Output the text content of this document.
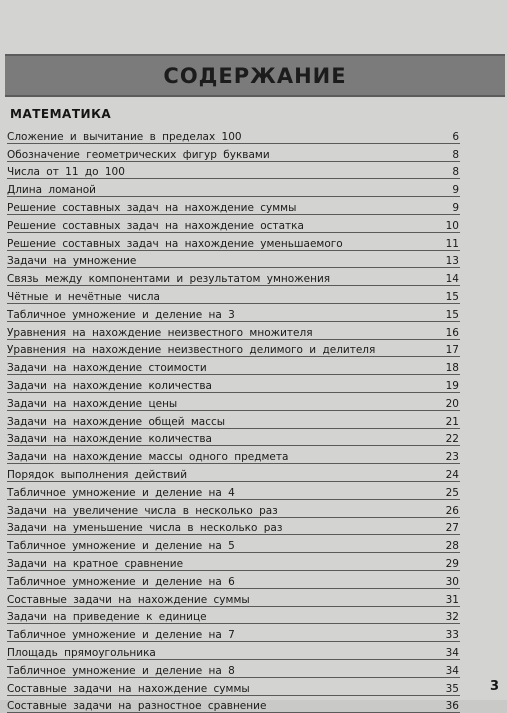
СОДЕРЖАНИЕ
МАТЕМАТИКА
Сложение и вычитание в пределах 100	6
Обозначение геометрических фигур буквами	8
Числа от 11 до 100	8
Длина ломаной	9
Решение составных задач на нахождение суммы	9
Решение составных задач на нахождение остатка	10
Решение составных задач на нахождение уменьшаемого	11
Задачи на умножение	13
Связь между компонентами и результатом умножения	14
Чётные и нечётные числа	15
Табличное умножение и деление на 3	15
Уравнения на нахождение неизвестного множителя	16
Уравнения на нахождение неизвестного делимого и делителя	17
Задачи на нахождение стоимости	18
Задачи на нахождение количества	19
Задачи на нахождение цены	20
Задачи на нахождение общей массы	21
Задачи на нахождение количества	22
Задачи на нахождение массы одного предмета	23
Порядок выполнения действий	24
Табличное умножение и деление на 4	25
Задачи на увеличение числа в несколько раз	26
Задачи на уменьшение числа в несколько раз	27
Табличное умножение и деление на 5	28
Задачи на кратное сравнение	29
Табличное умножение и деление на 6	30
Составные задачи на нахождение суммы	31
Задачи на приведение к единице	32
Табличное умножение и деление на 7	33
Площадь прямоугольника	34
Табличное умножение и деление на 8	34
Составные задачи на нахождение суммы	35
Составные задачи на разностное сравнение	36
3
